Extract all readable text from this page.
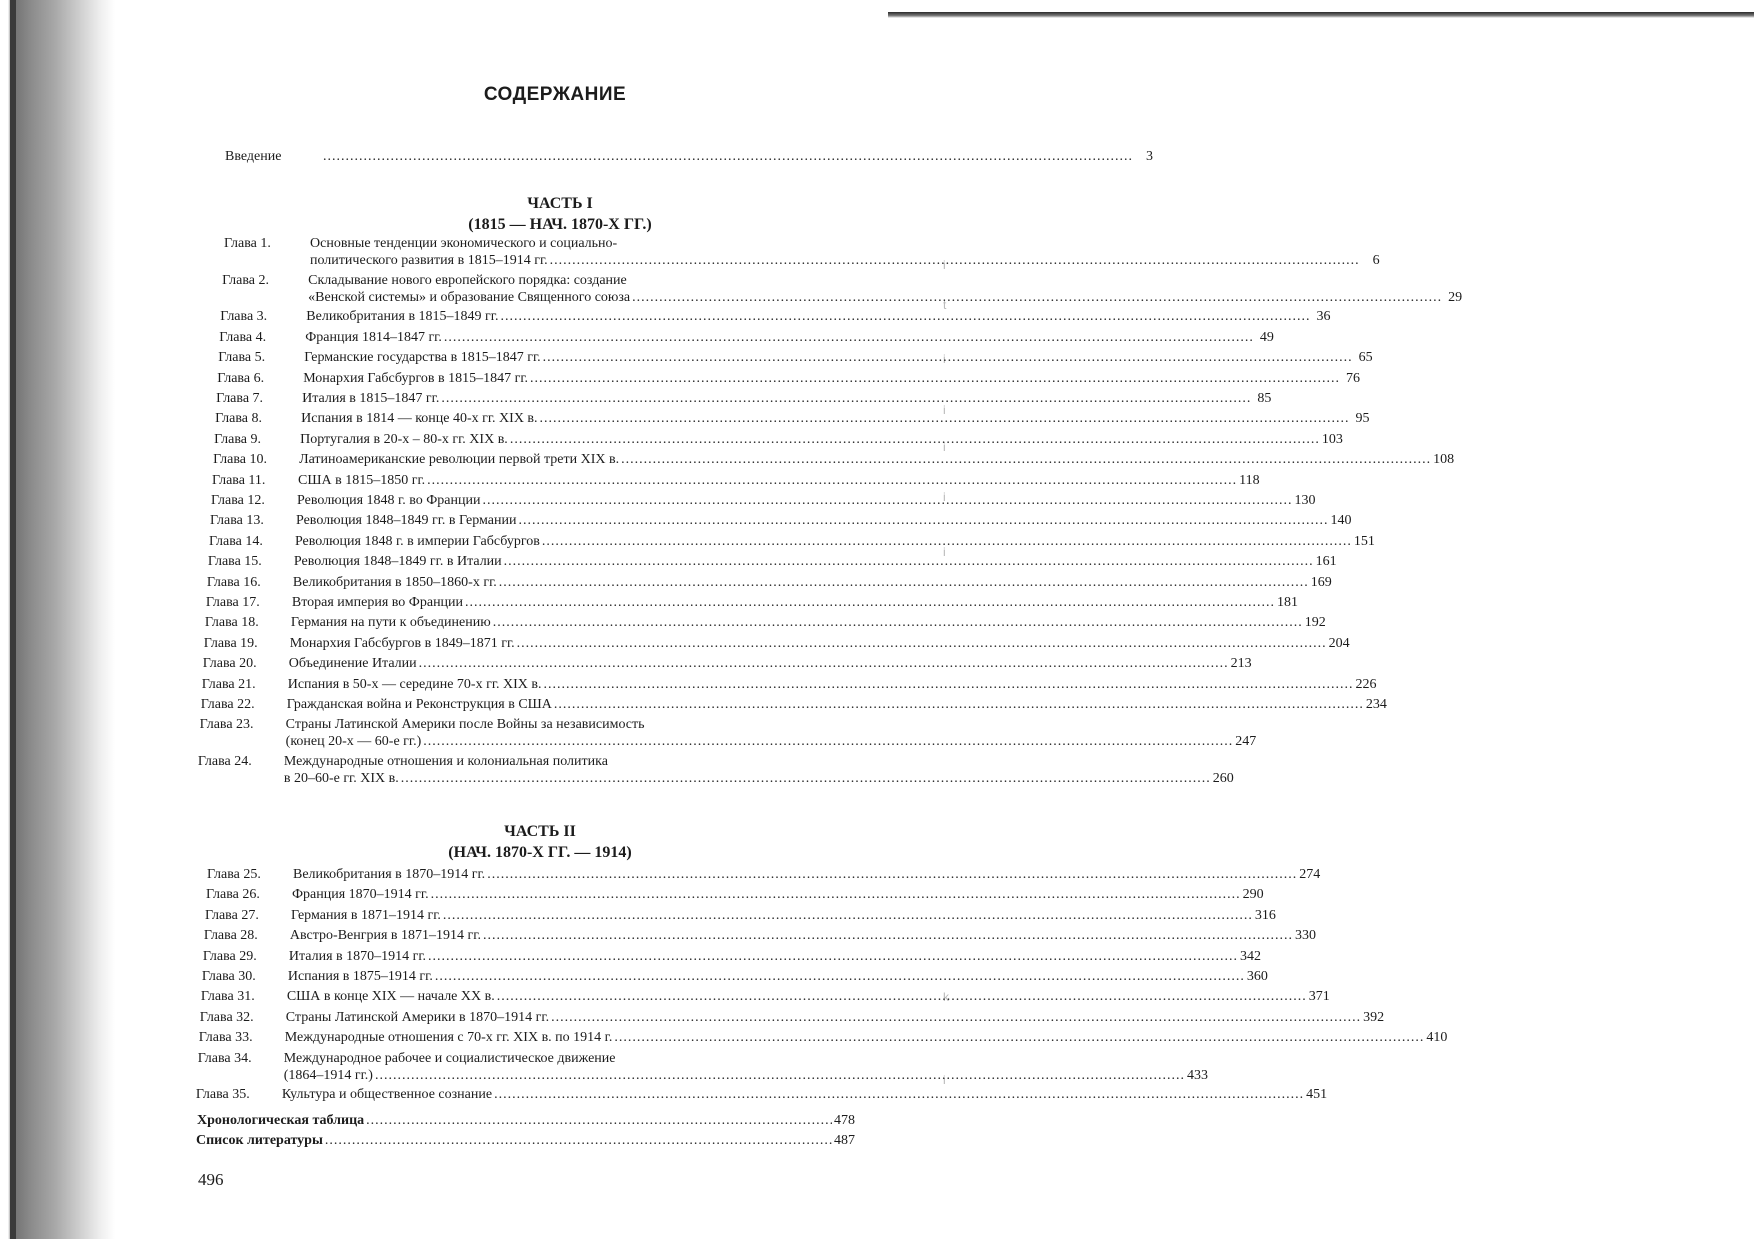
i
t
i
i
i
i
i
k
i
СОДЕРЖАНИЕ
Введение .....	3
ЧАСТЬ I
(1815 — НАЧ. 1870-Х ГГ.)
Глава 1.	Основные тенденции экономического и социально-
политического развития в 1815–1914 гг. .....	6
Глава 2.	Складывание нового европейского порядка: создание
«Венской системы» и образование Священного союза .....	29
Глава 3.	Великобритания в 1815–1849 гг. .....	36
Глава 4.	Франция 1814–1847 гг. .....	49
Глава 5.	Германские государства в 1815–1847 гг. .....	65
Глава 6.	Монархия Габсбургов в 1815–1847 гг. .....	76
Глава 7.	Италия в 1815–1847 гг. .....	85
Глава 8.	Испания в 1814 — конце 40-х гг. XIX в. .....	95
Глава 9.	Португалия в 20-х – 80-х гг. XIX в. .....	103
Глава 10.	Латиноамериканские революции первой трети XIX в. .....	108
Глава 11.	США в 1815–1850 гг. .....	118
Глава 12.	Революция 1848 г. во Франции .....	130
Глава 13.	Революция 1848–1849 гг. в Германии .....	140
Глава 14.	Революция 1848 г. в империи Габсбургов .....	151
Глава 15.	Революция 1848–1849 гг. в Италии .....	161
Глава 16.	Великобритания в 1850–1860-х гг. .....	169
Глава 17.	Вторая империя во Франции .....	181
Глава 18.	Германия на пути к объединению .....	192
Глава 19.	Монархия Габсбургов в 1849–1871 гг. .....	204
Глава 20.	Объединение Италии .....	213
Глава 21.	Испания в 50-х — середине 70-х гг. XIX в. .....	226
Глава 22.	Гражданская война и Реконструкция в США .....	234
Глава 23.	Страны Латинской Америки после Войны за независимость
(конец 20-х — 60-е гг.) .....	247
Глава 24.	Международные отношения и колониальная политика
в 20–60-е гг. XIX в. .....	260
ЧАСТЬ II
(НАЧ. 1870-Х ГГ. — 1914)
Глава 25.	Великобритания в 1870–1914 гг. .....	274
Глава 26.	Франция 1870–1914 гг. .....	290
Глава 27.	Германия в 1871–1914 гг. .....	316
Глава 28.	Австро-Венгрия в 1871–1914 гг. .....	330
Глава 29.	Италия в 1870–1914 гг. .....	342
Глава 30.	Испания в 1875–1914 гг. .....	360
Глава 31.	США в конце XIX — начале XX в. .....	371
Глава 32.	Страны Латинской Америки в 1870–1914 гг. .....	392
Глава 33.	Международные отношения с 70-х гг. XIX в. по 1914 г. .....	410
Глава 34.	Международное рабочее и социалистическое движение
(1864–1914 гг.) .....	433
Глава 35.	Культура и общественное сознание .....	451
Хронологическая таблица .....	478
Список литературы .....	487
496
